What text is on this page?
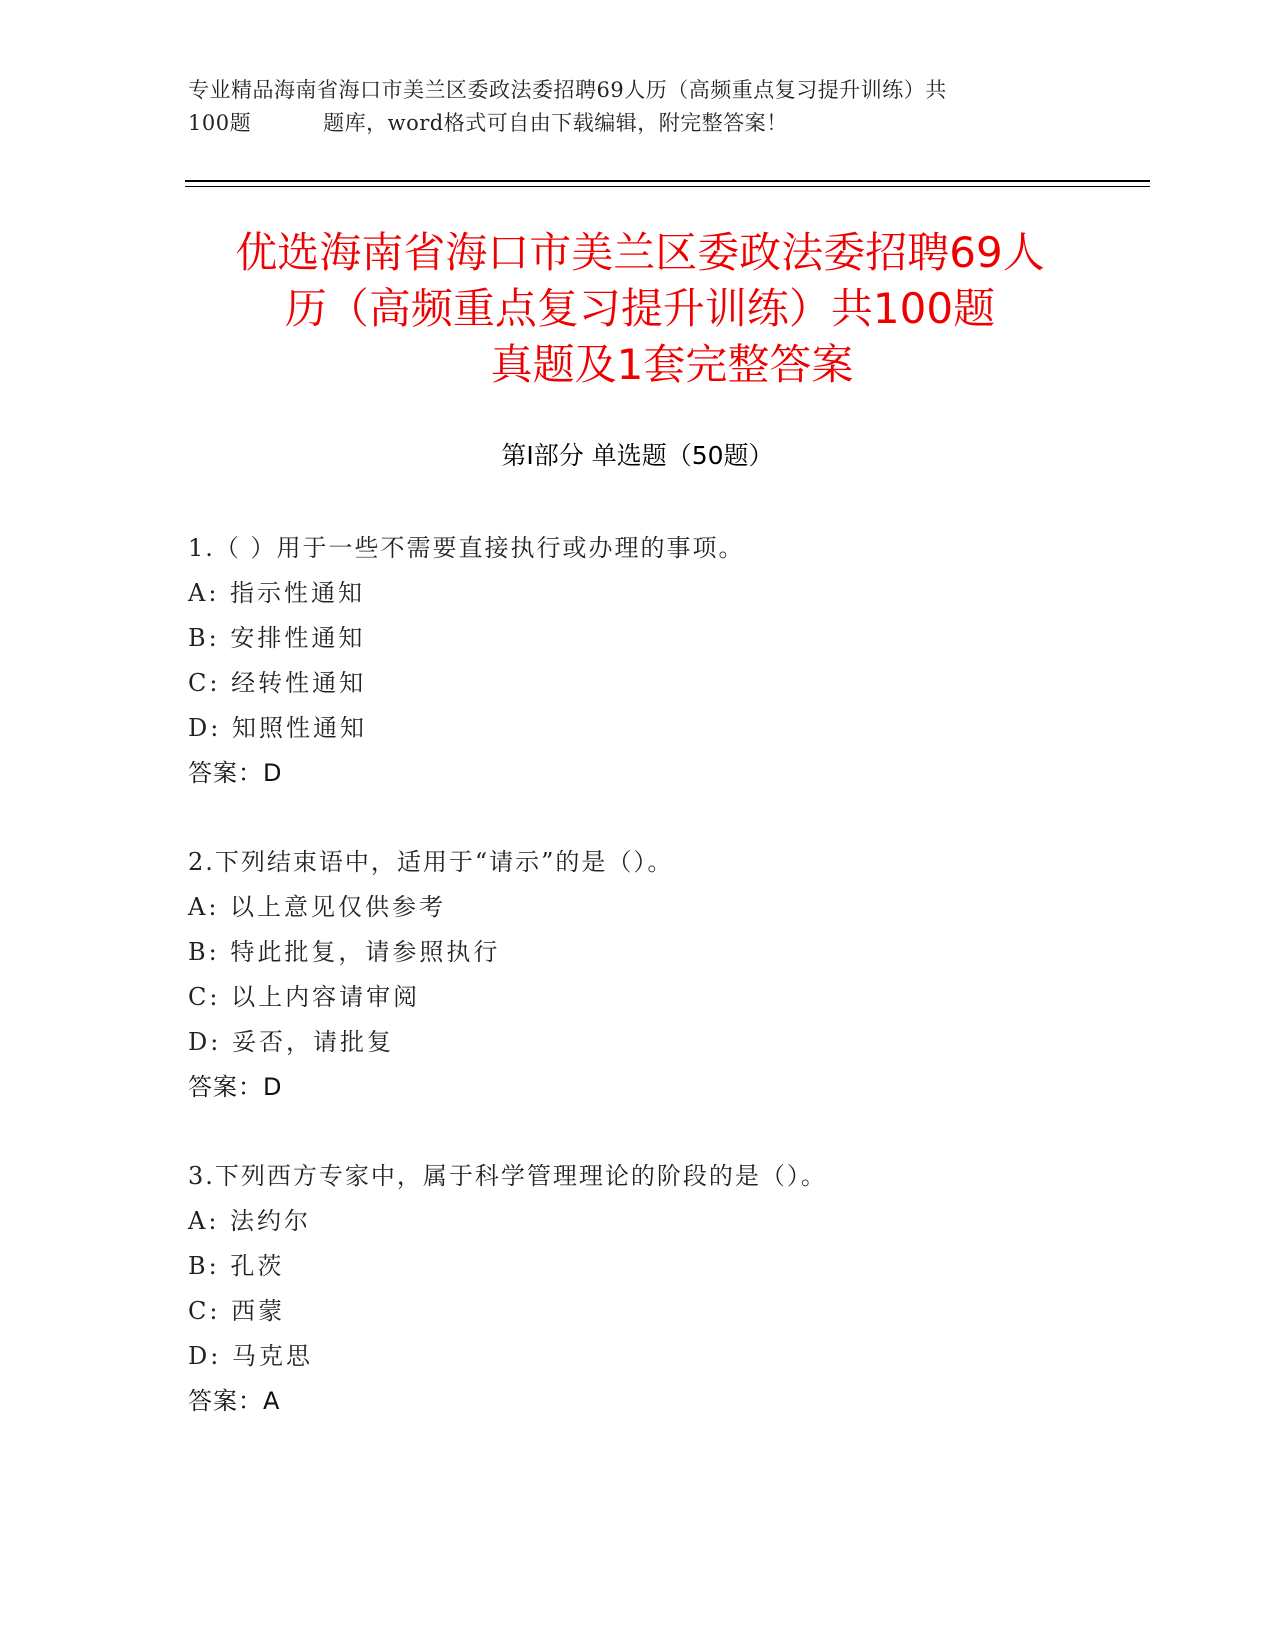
专业精品海南省海口市美兰区委政法委招聘69人历（高频重点复习提升训练）共
100题	题库，word格式可自由下载编辑，附完整答案！
优选海南省海口市美兰区委政法委招聘69人
历（高频重点复习提升训练）共100题
真题及1套完整答案
第Ⅰ部分 单选题（50题）
1.（ ）用于一些不需要直接执行或办理的事项。
A: 指示性通知
B: 安排性通知
C: 经转性通知
D: 知照性通知
答案：D
2.下列结束语中，适用于“请示”的是（）。
A: 以上意见仅供参考
B: 特此批复，请参照执行
C: 以上内容请审阅
D: 妥否，请批复
答案：D
3.下列西方专家中，属于科学管理理论的阶段的是（）。
A: 法约尔
B: 孔茨
C: 西蒙
D: 马克思
答案：A
